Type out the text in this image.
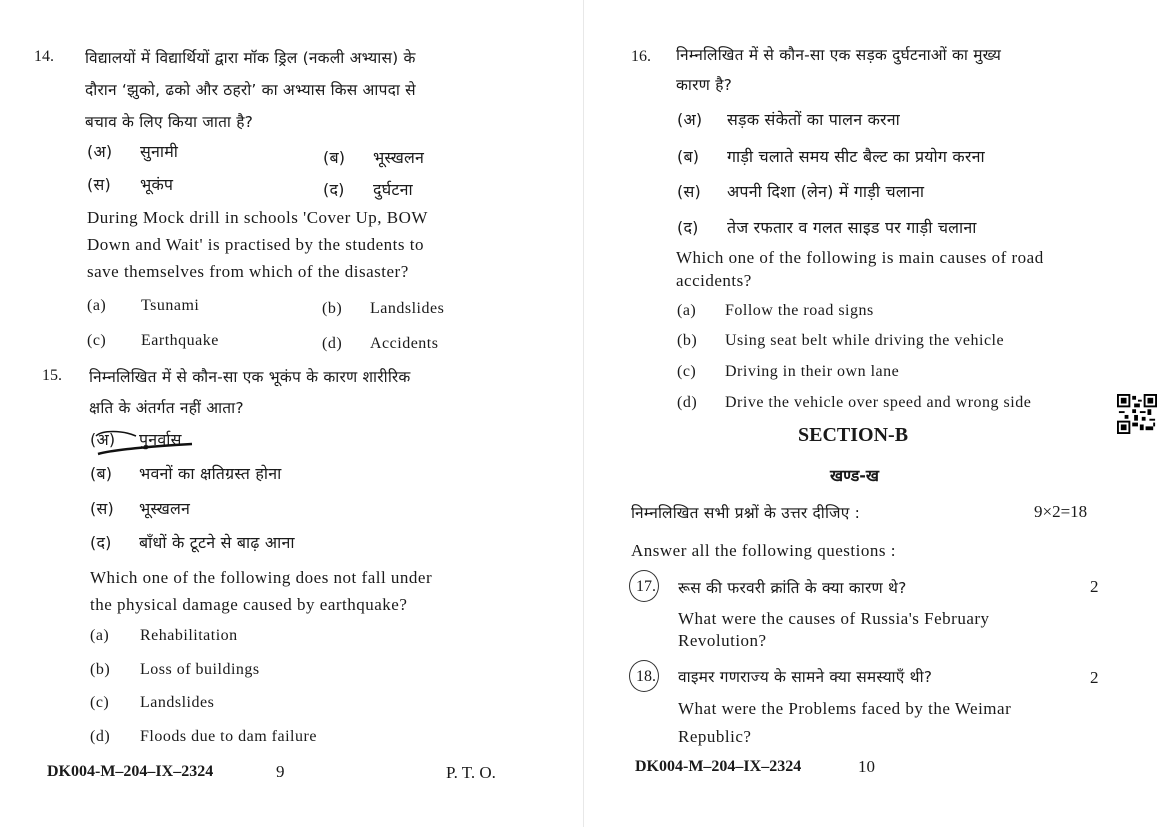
14. विद्यालयों में विद्यार्थियों द्वारा मॉक ड्रिल (नकली अभ्यास) के
दौरान ‘झुको, ढको और ठहरो’ का अभ्यास किस आपदा से
बचाव के लिए किया जाता है?
(अ) सुनामी	(ब) भूस्खलन
(स) भूकंप	(द) दुर्घटना
During Mock drill in schools 'Cover Up, BOW
Down and Wait' is practised by the students to
save themselves from which of the disaster?
(a) Tsunami	(b) Landslides
(c) Earthquake	(d) Accidents
15. निम्नलिखित में से कौन-सा एक भूकंप के कारण शारीरिक
क्षति के अंतर्गत नहीं आता?
(अ) पुनर्वास
(ब) भवनों का क्षतिग्रस्त होना
(स) भूस्खलन
(द) बाँधों के टूटने से बाढ़ आना
Which one of the following does not fall under
the physical damage caused by earthquake?
(a) Rehabilitation
(b) Loss of buildings
(c) Landslides
(d) Floods due to dam failure
DK004-M–204–IX–2324	9	P. T. O.
16. निम्नलिखित में से कौन-सा एक सड़क दुर्घटनाओं का मुख्य
कारण है?
(अ) सड़क संकेतों का पालन करना
(ब) गाड़ी चलाते समय सीट बैल्ट का प्रयोग करना
(स) अपनी दिशा (लेन) में गाड़ी चलाना
(द) तेज रफतार व गलत साइड पर गाड़ी चलाना
Which one of the following is main causes of road
accidents?
(a) Follow the road signs
(b) Using seat belt while driving the vehicle
(c) Driving in their own lane
(d) Drive the vehicle over speed and wrong side
SECTION-B
खण्ड-ख
निम्नलिखित सभी प्रश्नों के उत्तर दीजिए :	9×2=18
Answer all the following questions :
17. रूस की फरवरी क्रांति के क्या कारण थे?	2
What were the causes of Russia's February
Revolution?
18. वाइमर गणराज्य के सामने क्या समस्याएँ थी?	2
What were the Problems faced by the Weimar
Republic?
DK004-M–204–IX–2324	10
